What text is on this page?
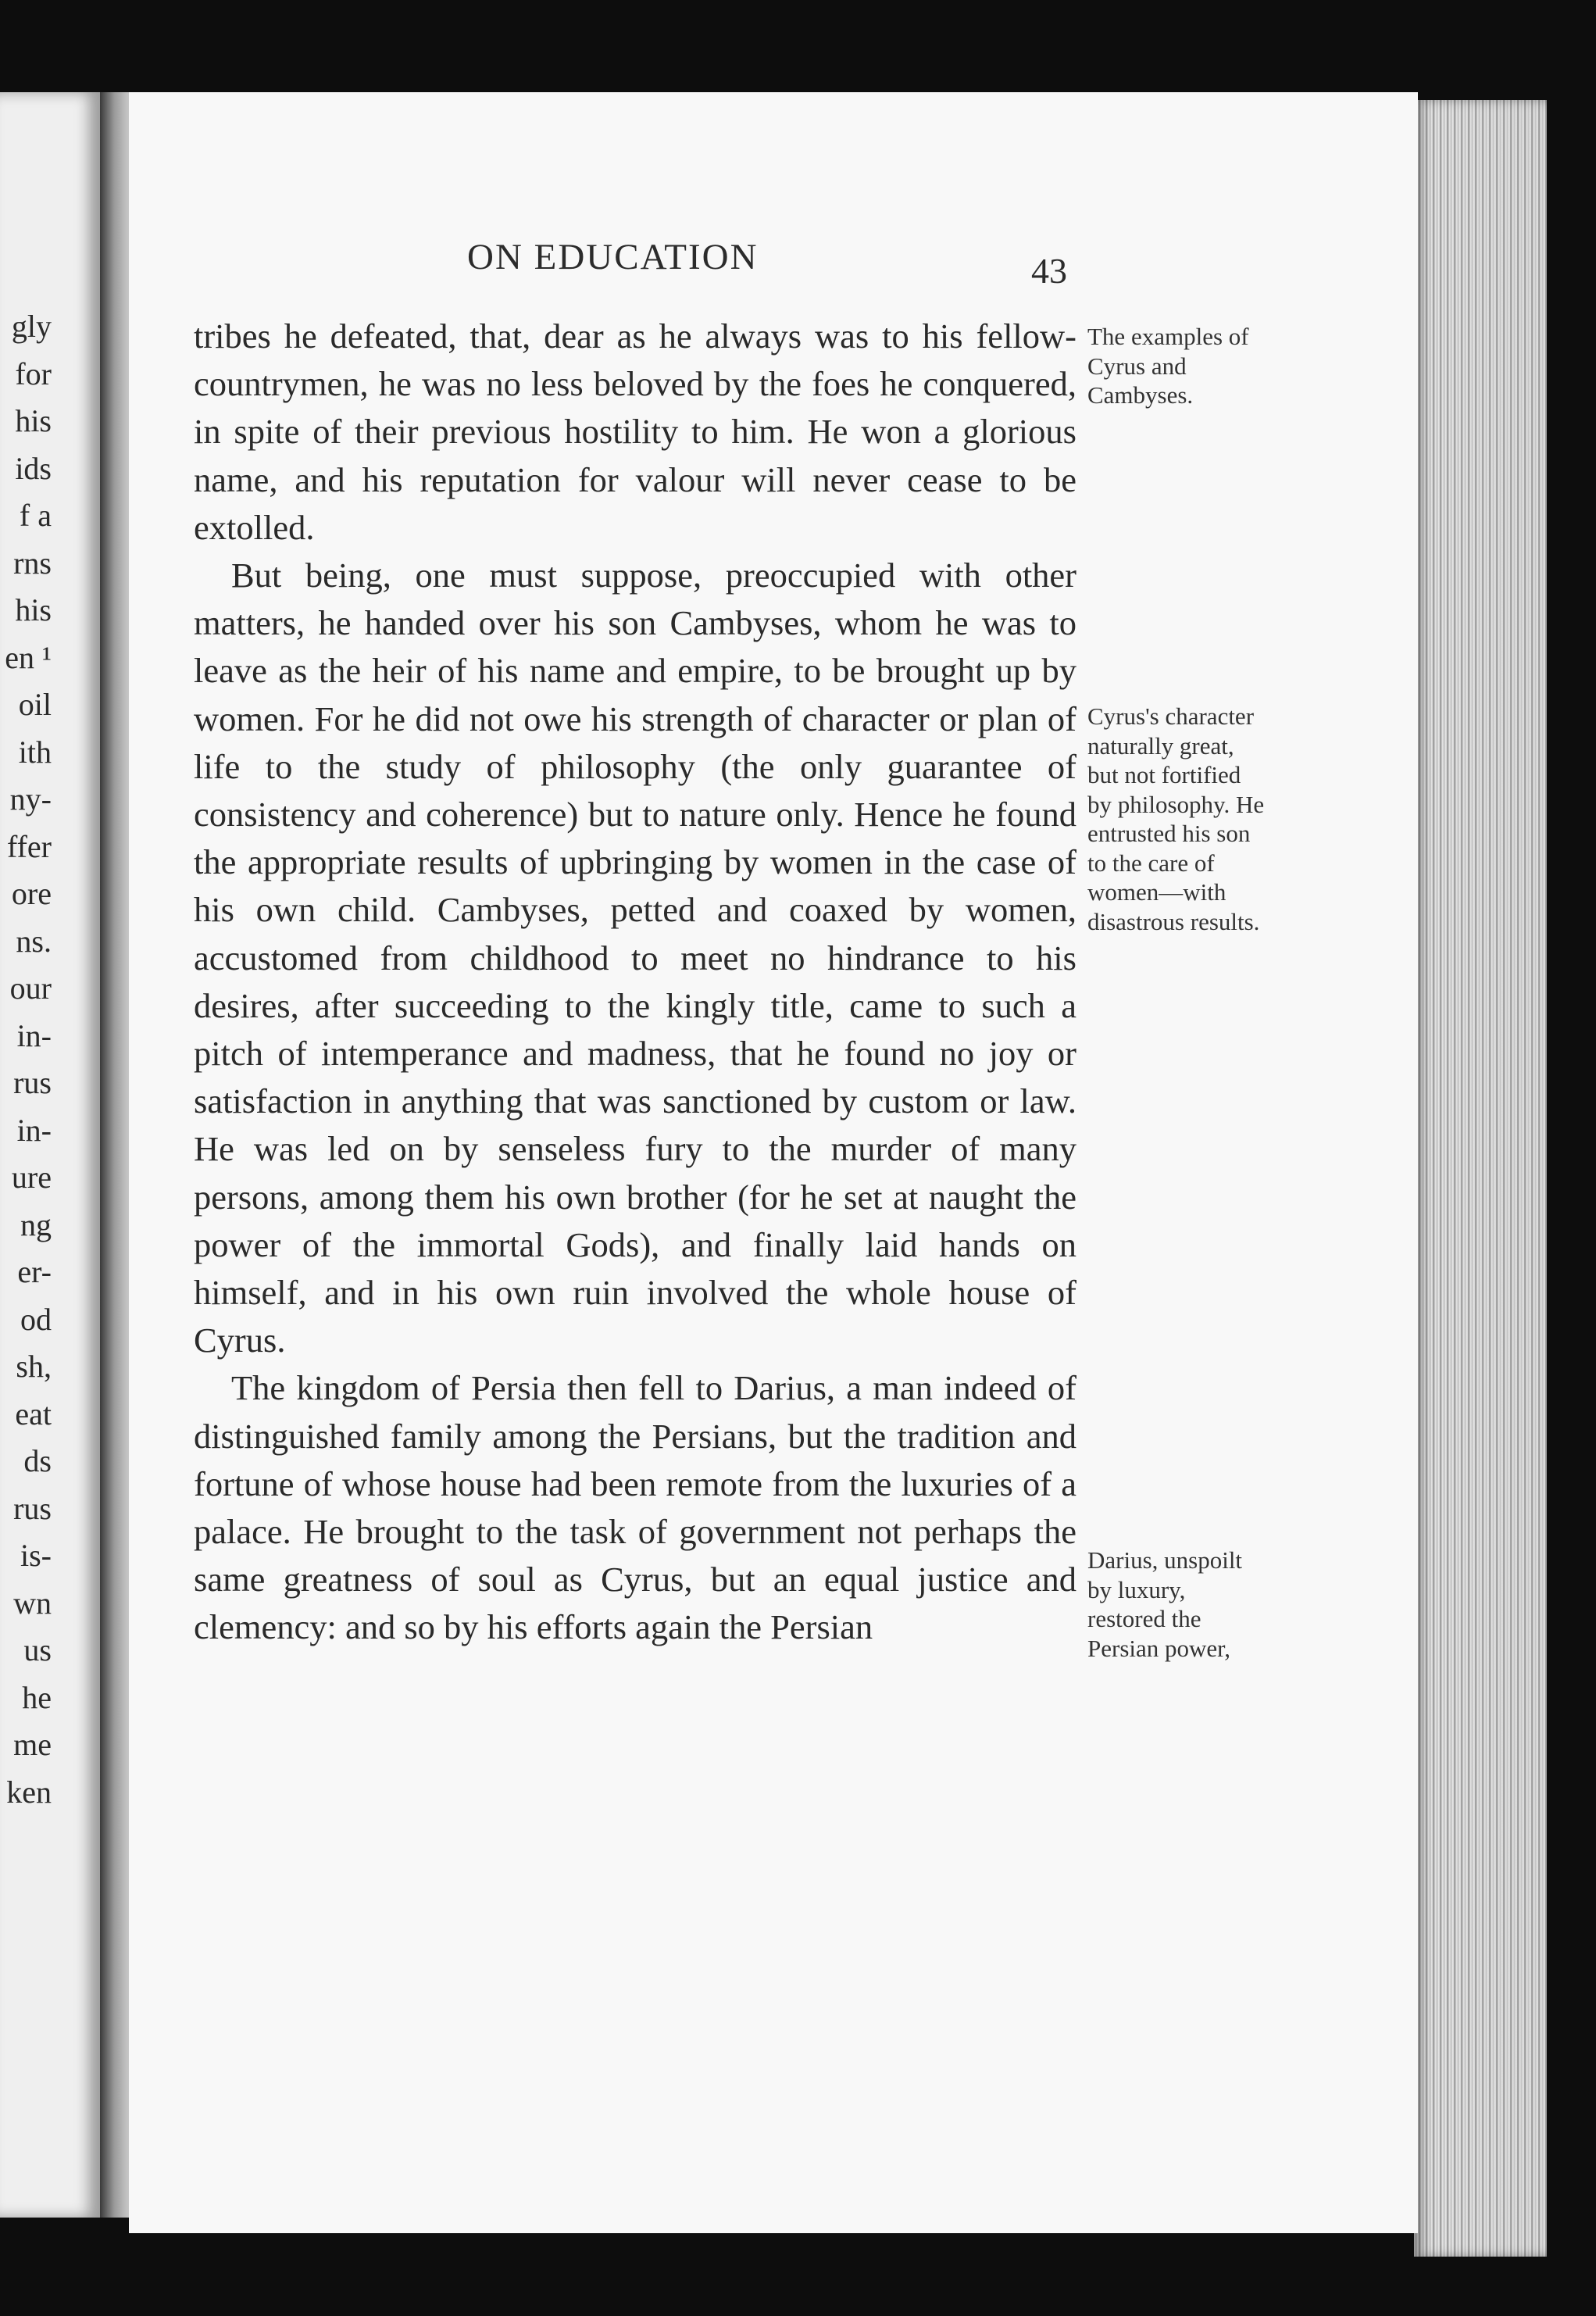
gly
for
his
ids
f a
rns
his
en ¹
oil
ith
ny-
ffer
ore
ns.
our
in-
rus
in-
ure
ng
er-
od
sh,
eat
ds
rus
is-
wn
us
he
me
ken
ON EDUCATION	43

tribes he defeated, that, dear as he always was to his fellow-countrymen, he was no less beloved by the foes he conquered, in spite of their previous hostility to him. He won a glorious name, and his reputation for valour will never cease to be extolled.

But being, one must suppose, preoccupied with other matters, he handed over his son Cambyses, whom he was to leave as the heir of his name and empire, to be brought up by women. For he did not owe his strength of character or plan of life to the study of philosophy (the only guarantee of consistency and coherence) but to nature only. Hence he found the appropriate results of upbringing by women in the case of his own child. Cambyses, petted and coaxed by women, accustomed from childhood to meet no hindrance to his desires, after succeeding to the kingly title, came to such a pitch of intemperance and madness, that he found no joy or satisfaction in anything that was sanctioned by custom or law. He was led on by senseless fury to the murder of many persons, among them his own brother (for he set at naught the power of the immortal Gods), and finally laid hands on himself, and in his own ruin involved the whole house of Cyrus.

The kingdom of Persia then fell to Darius, a man indeed of distinguished family among the Persians, but the tradition and fortune of whose house had been remote from the luxuries of a palace. He brought to the task of government not perhaps the same greatness of soul as Cyrus, but an equal justice and clemency: and so by his efforts again the Persian

The examples of Cyrus and Cambyses.
Cyrus's character naturally great, but not fortified by philosophy. He entrusted his son to the care of women—with disastrous results.
Darius, unspoilt by luxury, restored the Persian power,
